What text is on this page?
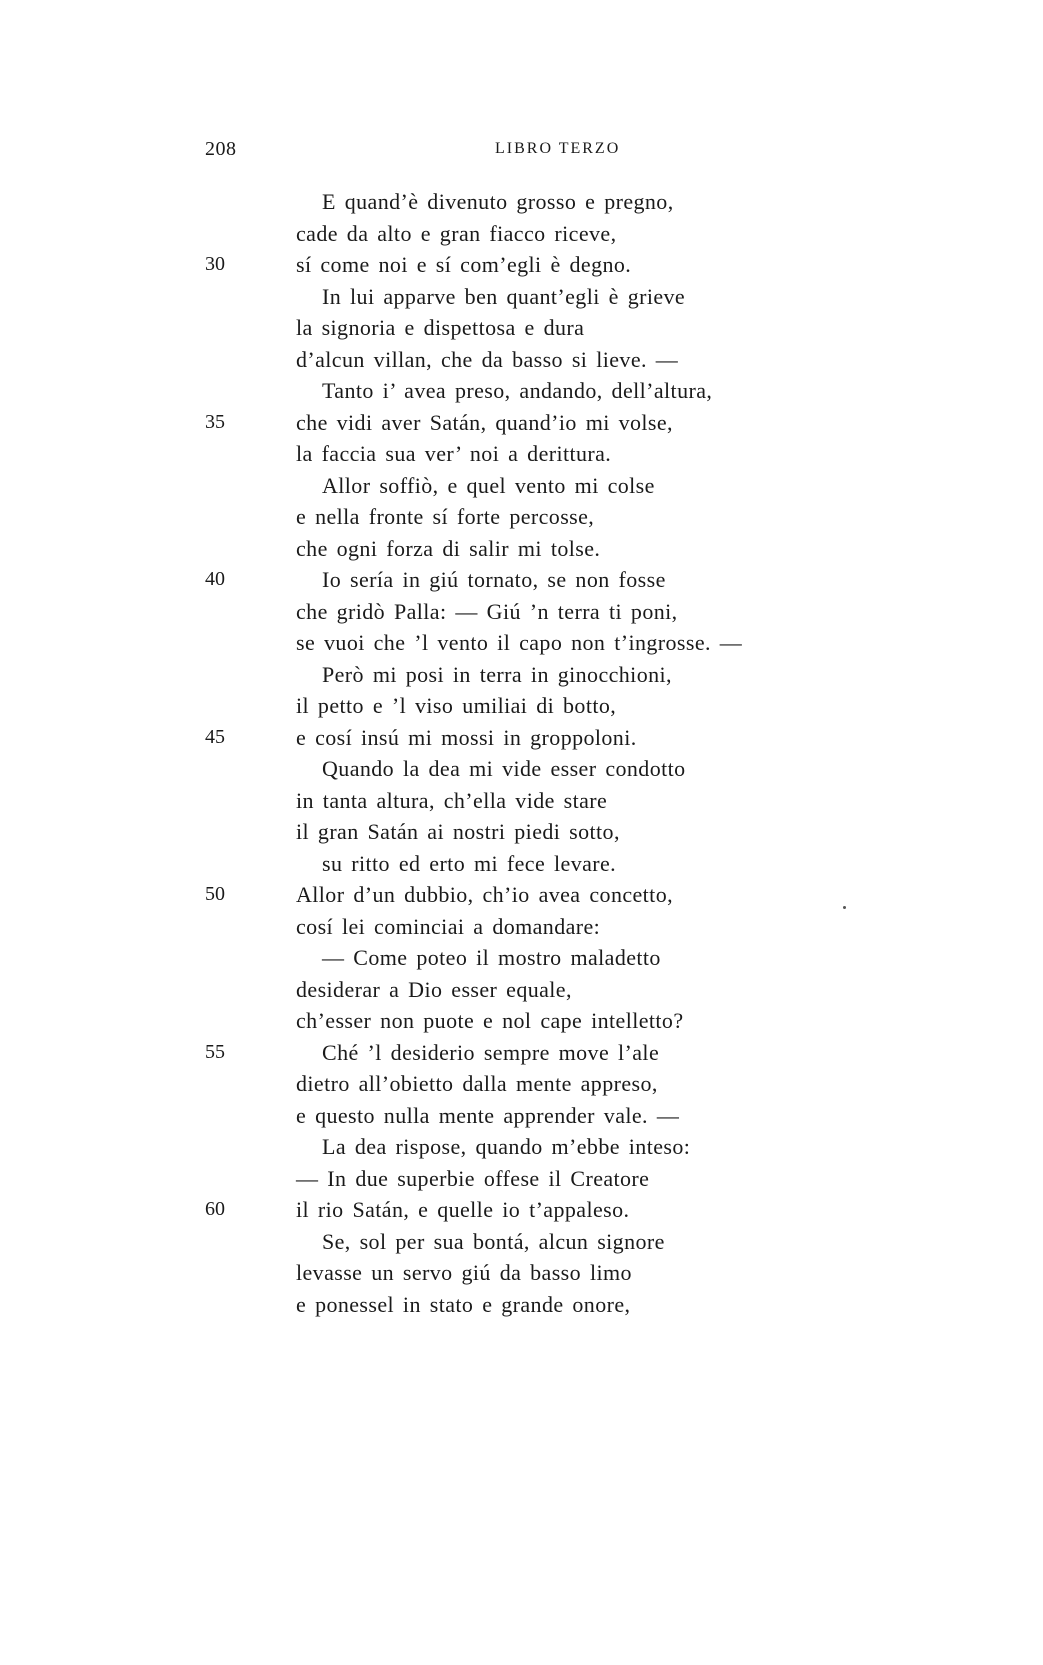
208	LIBRO TERZO
E quand’è divenuto grosso e pregno,
cade da alto e gran fiacco riceve,
30	sí come noi e sí com’egli è degno.
In lui apparve ben quant’egli è grieve
la signoria e dispettosa e dura
d’alcun villan, che da basso si lieve. —
Tanto i’ avea preso, andando, dell’altura,
35	che vidi aver Satán, quand’io mi volse,
la faccia sua ver’ noi a derittura.
Allor soffiò, e quel vento mi colse
e nella fronte sí forte percosse,
che ogni forza di salir mi tolse.
40	Io sería in giú tornato, se non fosse
che gridò Palla: — Giú ’n terra ti poni,
se vuoi che ’l vento il capo non t’ingrosse. —
Però mi posi in terra in ginocchioni,
il petto e ’l viso umiliai di botto,
45	e cosí insú mi mossi in groppoloni.
Quando la dea mi vide esser condotto
in tanta altura, ch’ella vide stare
il gran Satán ai nostri piedi sotto,
su ritto ed erto mi fece levare.
50	Allor d’un dubbio, ch’io avea concetto,
cosí lei cominciai a domandare:
— Come poteo il mostro maladetto
desiderar a Dio esser equale,
ch’esser non puote e nol cape intelletto?
55	Ché ’l desiderio sempre move l’ale
dietro all’obietto dalla mente appreso,
e questo nulla mente apprender vale. —
La dea rispose, quando m’ebbe inteso:
— In due superbie offese il Creatore
60	il rio Satán, e quelle io t’appaleso.
Se, sol per sua bontá, alcun signore
levasse un servo giú da basso limo
e ponessel in stato e grande onore,
